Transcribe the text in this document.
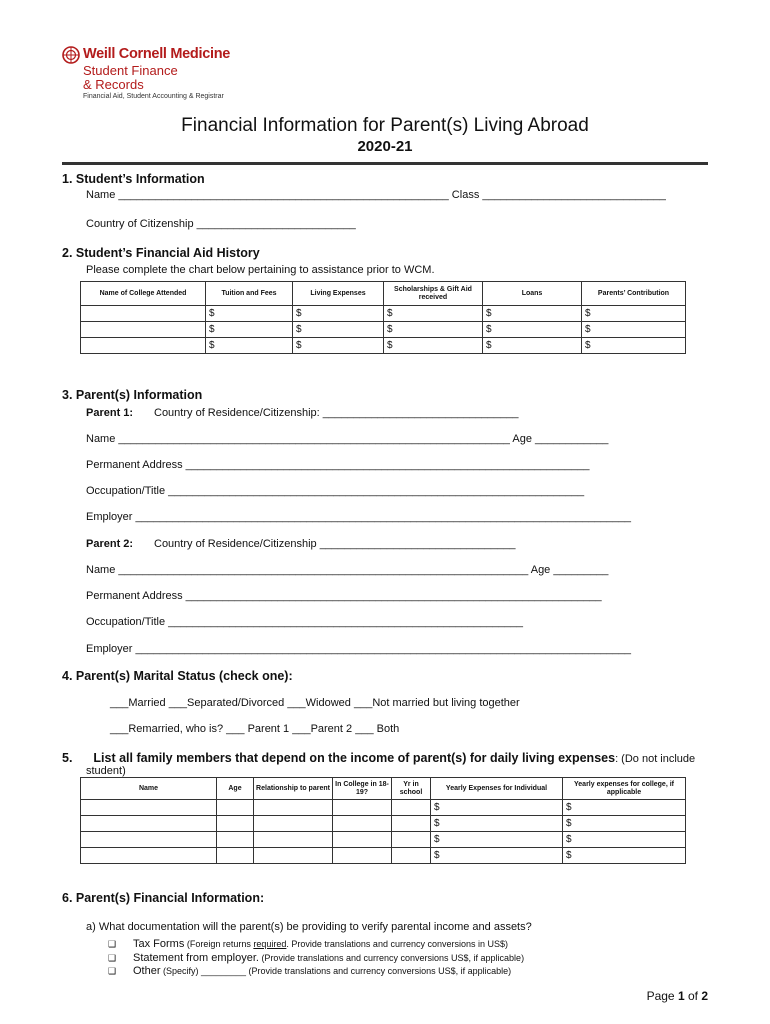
Weill Cornell Medicine
Student Finance
& Records
Financial Aid, Student Accounting & Registrar
Financial Information for Parent(s) Living Abroad
2020-21
1. Student’s Information
Name ______________________________________________________ Class ______________________________
Country of Citizenship __________________________
2. Student’s Financial Aid History
Please complete the chart below pertaining to assistance prior to WCM.
Name of College Attended	Tuition and Fees	Living Expenses	Scholarships & Gift Aid received	Loans	Parents’ Contribution
	$	$	$	$	$
	$	$	$	$	$
	$	$	$	$	$
3. Parent(s) Information
Parent 1: Country of Residence/Citizenship: ________________________________
Name ________________________________________________________________ Age ____________
Permanent Address __________________________________________________________________
Occupation/Title ____________________________________________________________________
Employer _________________________________________________________________________________
Parent 2: Country of Residence/Citizenship ________________________________
Name ___________________________________________________________________ Age _________
Permanent Address ____________________________________________________________________
Occupation/Title __________________________________________________________
Employer _________________________________________________________________________________
4. Parent(s) Marital Status (check one):
___Married ___Separated/Divorced ___Widowed ___Not married but living together
___Remarried, who is? ___ Parent 1 ___Parent 2 ___ Both
5. List all family members that depend on the income of parent(s) for daily living expenses: (Do not include
student)
Name	Age	Relationship to parent	In College in 18-19?	Yr in school	Yearly Expenses for Individual	Yearly expenses for college, if applicable
					$	$
					$	$
					$	$
					$	$
6. Parent(s) Financial Information:
a) What documentation will the parent(s) be providing to verify parental income and assets?
❑ Tax Forms (Foreign returns required. Provide translations and currency conversions in US$)
❑ Statement from employer. (Provide translations and currency conversions US$, if applicable)
❑ Other (Specify) _________ (Provide translations and currency conversions US$, if applicable)
Page 1 of 2
